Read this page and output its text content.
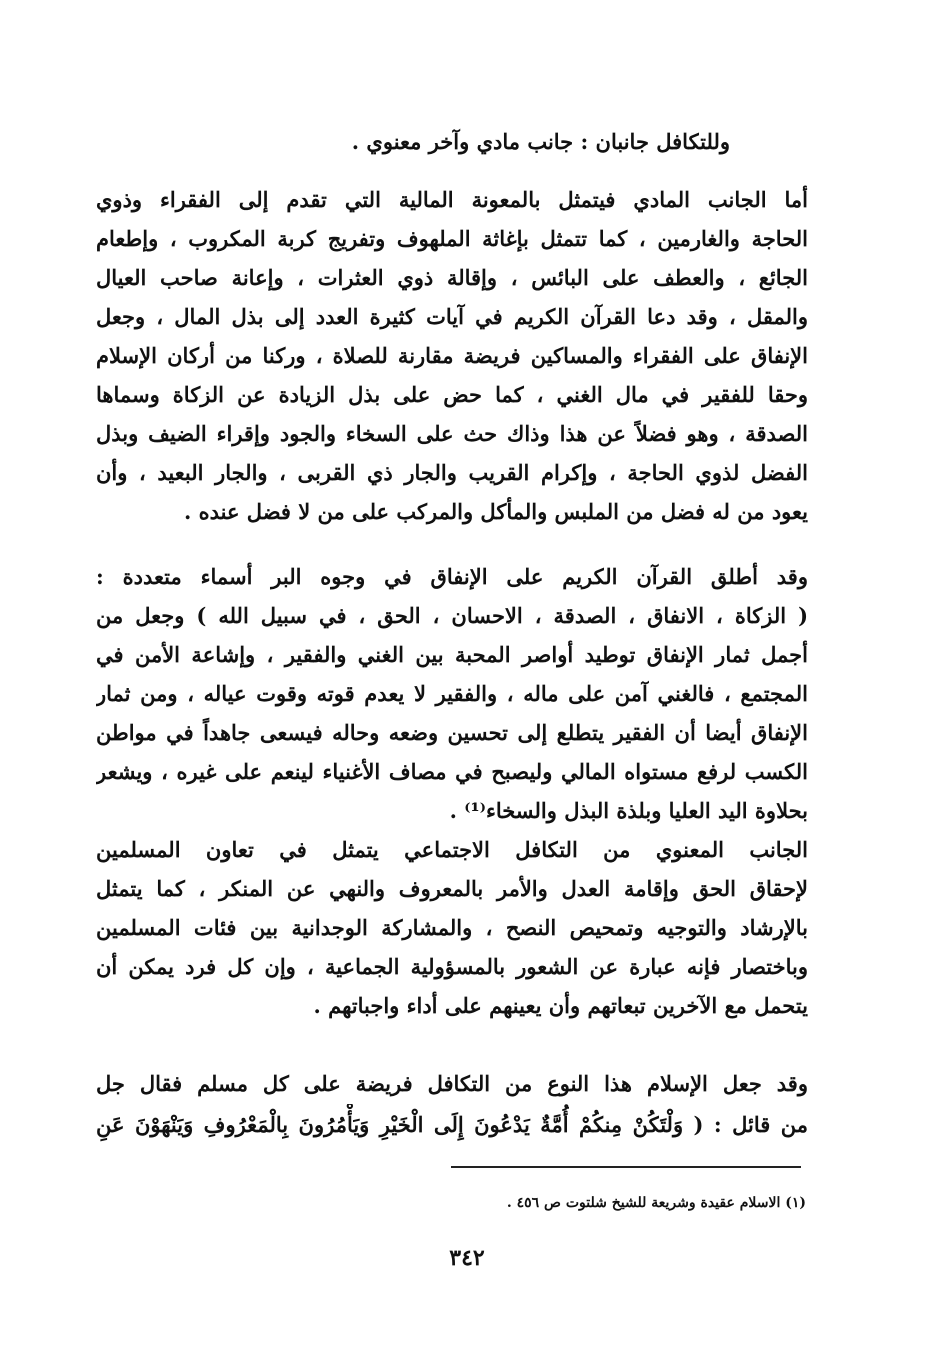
وللتكافل جانبان : جانب مادي وآخر معنوي .
أما الجانب المادي فيتمثل بالمعونة المالية التي تقدم إلى الفقراء وذوي
الحاجة والغارمين ، كما تتمثل بإغاثة الملهوف وتفريج كربة المكروب ، وإطعام
الجائع ، والعطف على البائس ، وإقالة ذوي العثرات ، وإعانة صاحب العيال
والمقل ، وقد دعا القرآن الكريم في آيات كثيرة العدد إلى بذل المال ، وجعل
الإنفاق على الفقراء والمساكين فريضة مقارنة للصلاة ، وركنا من أركان الإسلام
وحقا للفقير في مال الغني ، كما حض على بذل الزيادة عن الزكاة وسماها
الصدقة ، وهو فضلاً عن هذا وذاك حث على السخاء والجود وإقراء الضيف وبذل
الفضل لذوي الحاجة ، وإكرام القريب والجار ذي القربى ، والجار البعيد ، وأن
يعود من له فضل من الملبس والمأكل والمركب على من لا فضل عنده .
وقد أطلق القرآن الكريم على الإنفاق في وجوه البر أسماء متعددة :
( الزكاة ، الانفاق ، الصدقة ، الاحسان ، الحق ، في سبيل الله ) وجعل من
أجمل ثمار الإنفاق توطيد أواصر المحبة بين الغني والفقير ، وإشاعة الأمن في
المجتمع ، فالغني آمن على ماله ، والفقير لا يعدم قوته وقوت عياله ، ومن ثمار
الإنفاق أيضا أن الفقير يتطلع إلى تحسين وضعه وحاله فيسعى جاهداً في مواطن
الكسب لرفع مستواه المالي وليصبح في مصاف الأغنياء لينعم على غيره ، ويشعر
بحلاوة اليد العليا وبلذة البذل والسخاء⁽¹⁾ .
الجانب المعنوي من التكافل الاجتماعي يتمثل في تعاون المسلمين
لإحقاق الحق وإقامة العدل والأمر بالمعروف والنهي عن المنكر ، كما يتمثل
بالإرشاد والتوجيه وتمحيص النصح ، والمشاركة الوجدانية بين فئات المسلمين
وباختصار فإنه عبارة عن الشعور بالمسؤولية الجماعية ، وإن كل فرد يمكن أن
يتحمل مع الآخرين تبعاتهم وأن يعينهم على أداء واجباتهم .
وقد جعل الإسلام هذا النوع من التكافل فريضة على كل مسلم فقال جل
من قائل : ( وَلْتَكُنْ مِنكُمْ أُمَّةٌ يَدْعُونَ إِلَى الْخَيْرِ وَيَأْمُرُونَ بِالْمَعْرُوفِ وَيَنْهَوْنَ عَنِ
(١) الاسلام عقيدة وشريعة للشيخ شلتوت ص ٤٥٦ .
٣٤٢
